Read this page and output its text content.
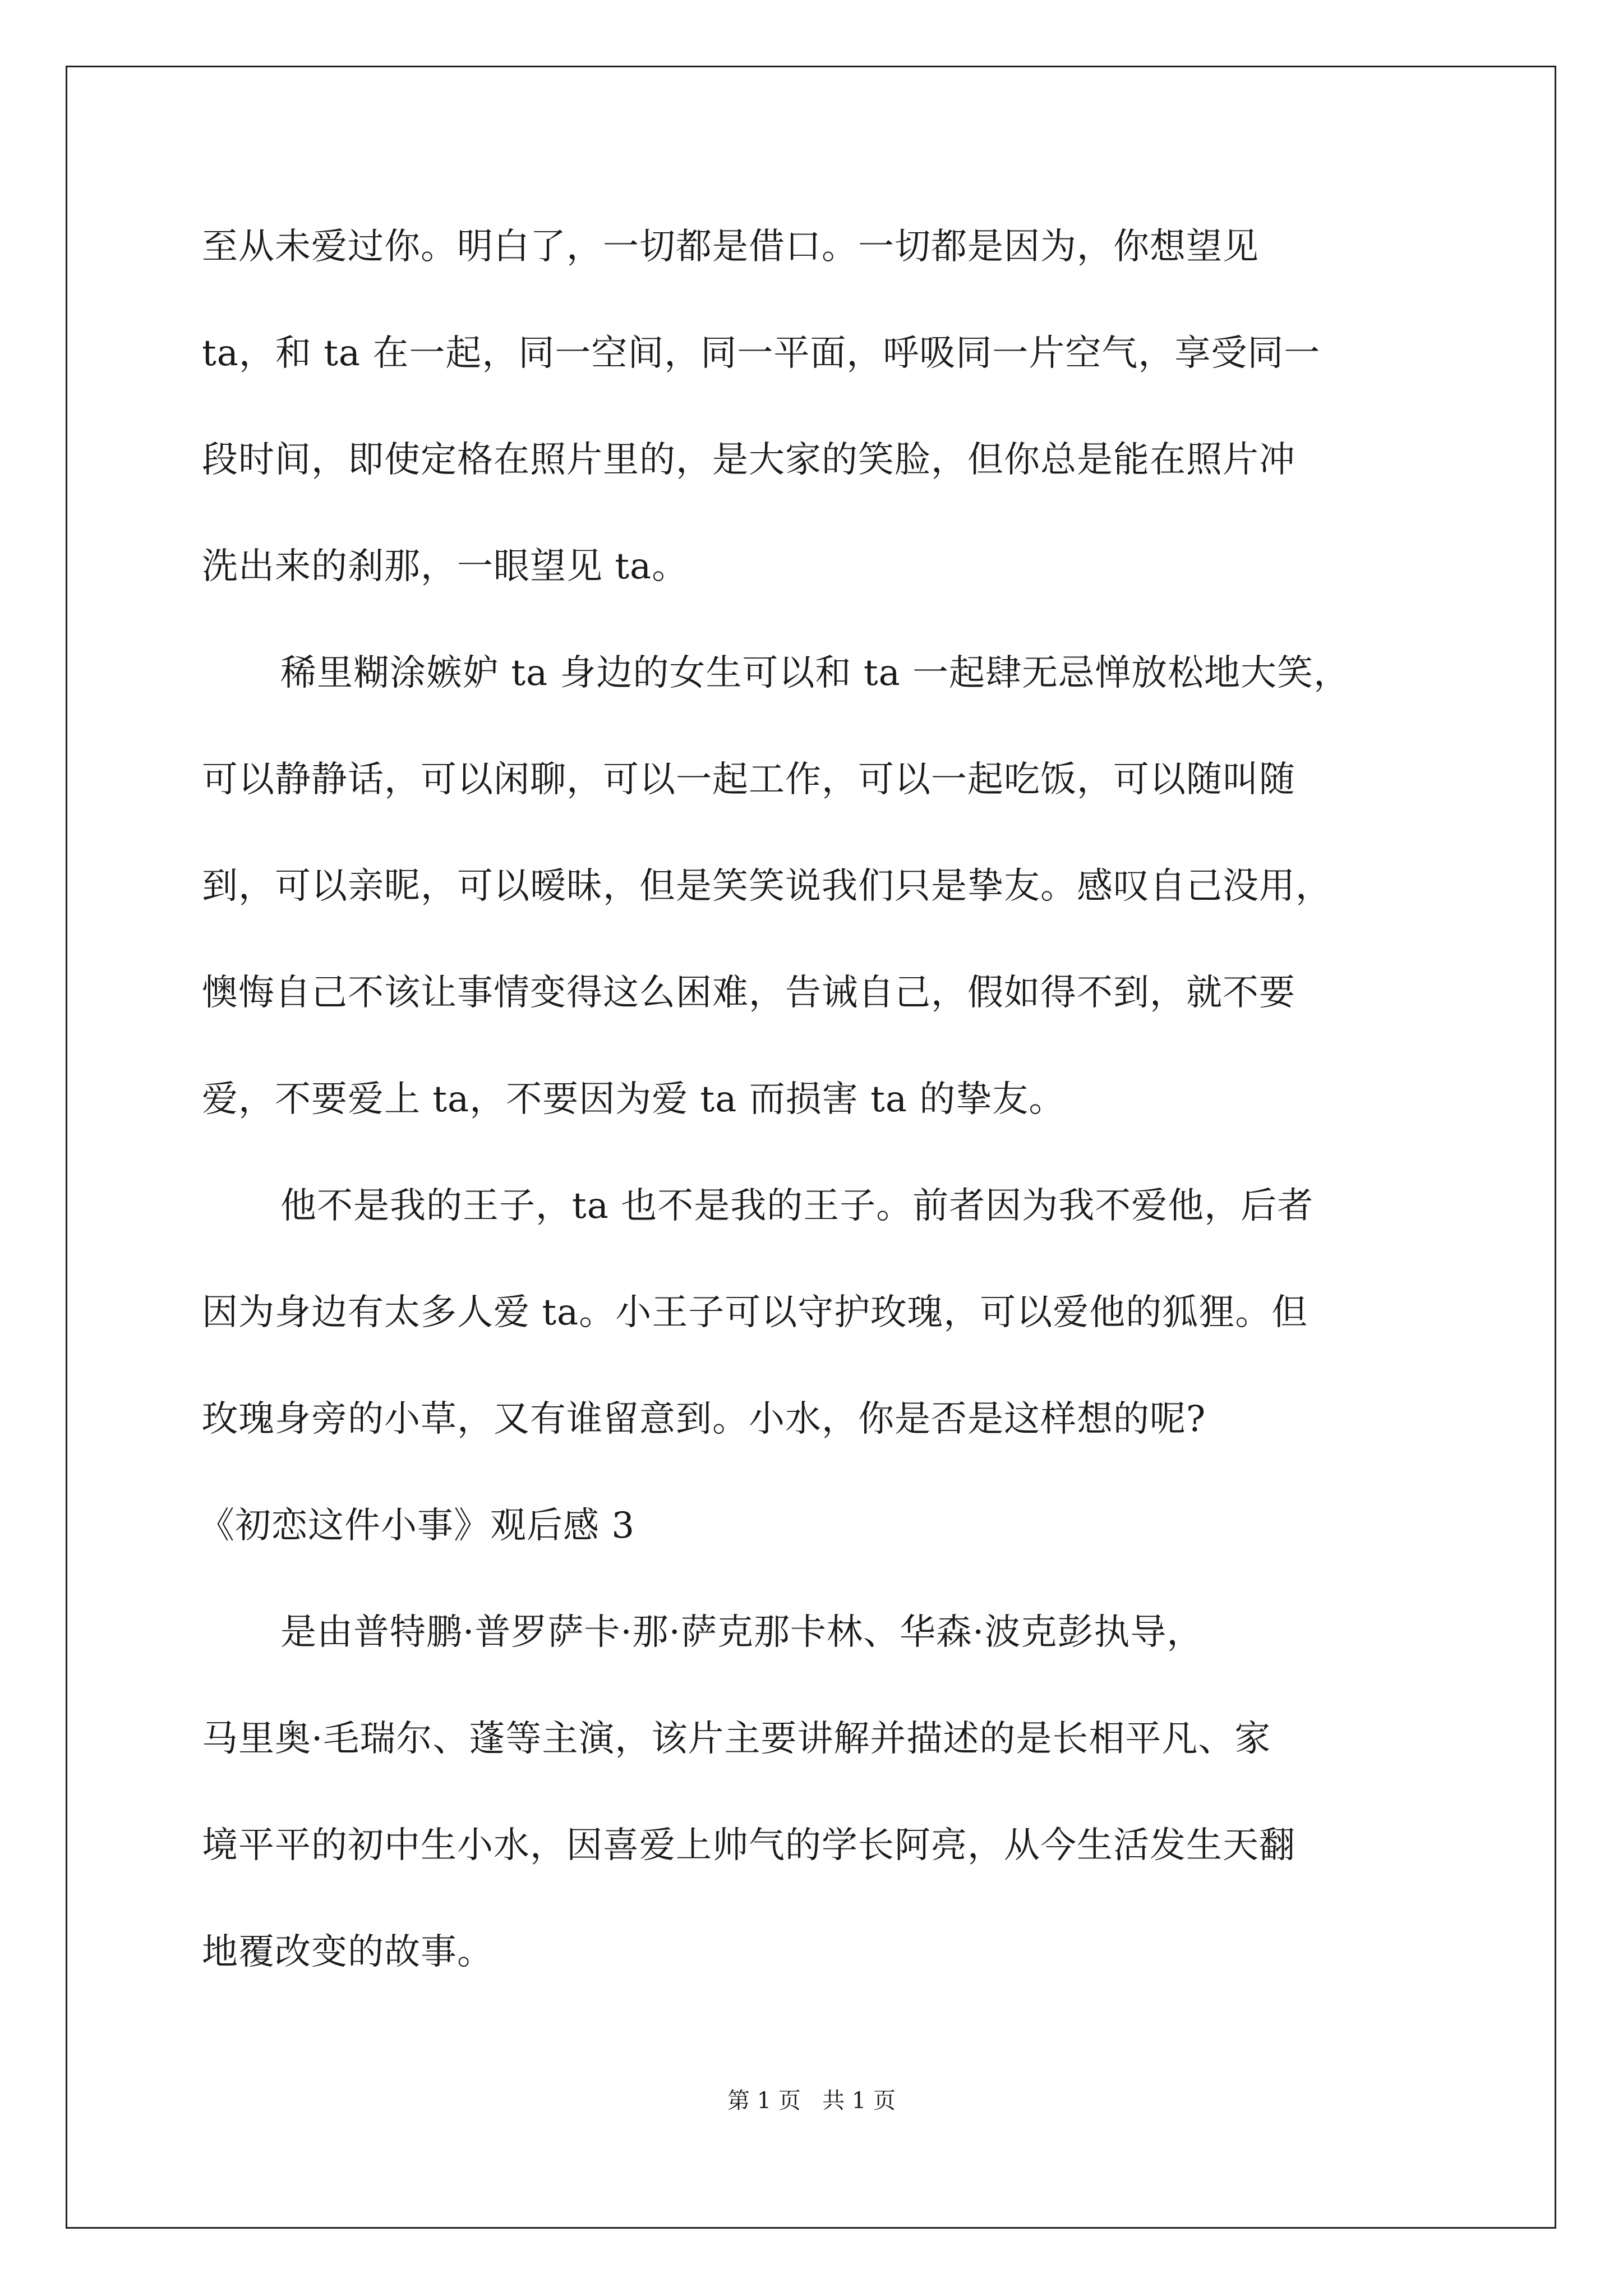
至从未爱过你。明白了，一切都是借口。一切都是因为，你想望见
ta，和 ta 在一起，同一空间，同一平面，呼吸同一片空气，享受同一
段时间，即使定格在照片里的，是大家的笑脸，但你总是能在照片冲
洗出来的刹那，一眼望见 ta。
稀里糊涂嫉妒 ta 身边的女生可以和 ta 一起肆无忌惮放松地大笑，
可以静静话，可以闲聊，可以一起工作，可以一起吃饭，可以随叫随
到，可以亲昵，可以暧昧，但是笑笑说我们只是挚友。感叹自己没用，
懊悔自己不该让事情变得这么困难，告诫自己，假如得不到，就不要
爱，不要爱上 ta，不要因为爱 ta 而损害 ta 的挚友。
他不是我的王子，ta 也不是我的王子。前者因为我不爱他，后者
因为身边有太多人爱 ta。小王子可以守护玫瑰，可以爱他的狐狸。但
玫瑰身旁的小草，又有谁留意到。小水，你是否是这样想的呢?
《初恋这件小事》观后感 3
是由普特鹏·普罗萨卡·那·萨克那卡林、华森·波克彭执导，
马里奥·毛瑞尔、蓬等主演，该片主要讲解并描述的是长相平凡、家
境平平的初中生小水，因喜爱上帅气的学长阿亮，从今生活发生天翻
地覆改变的故事。
第 1 页   共 1 页
